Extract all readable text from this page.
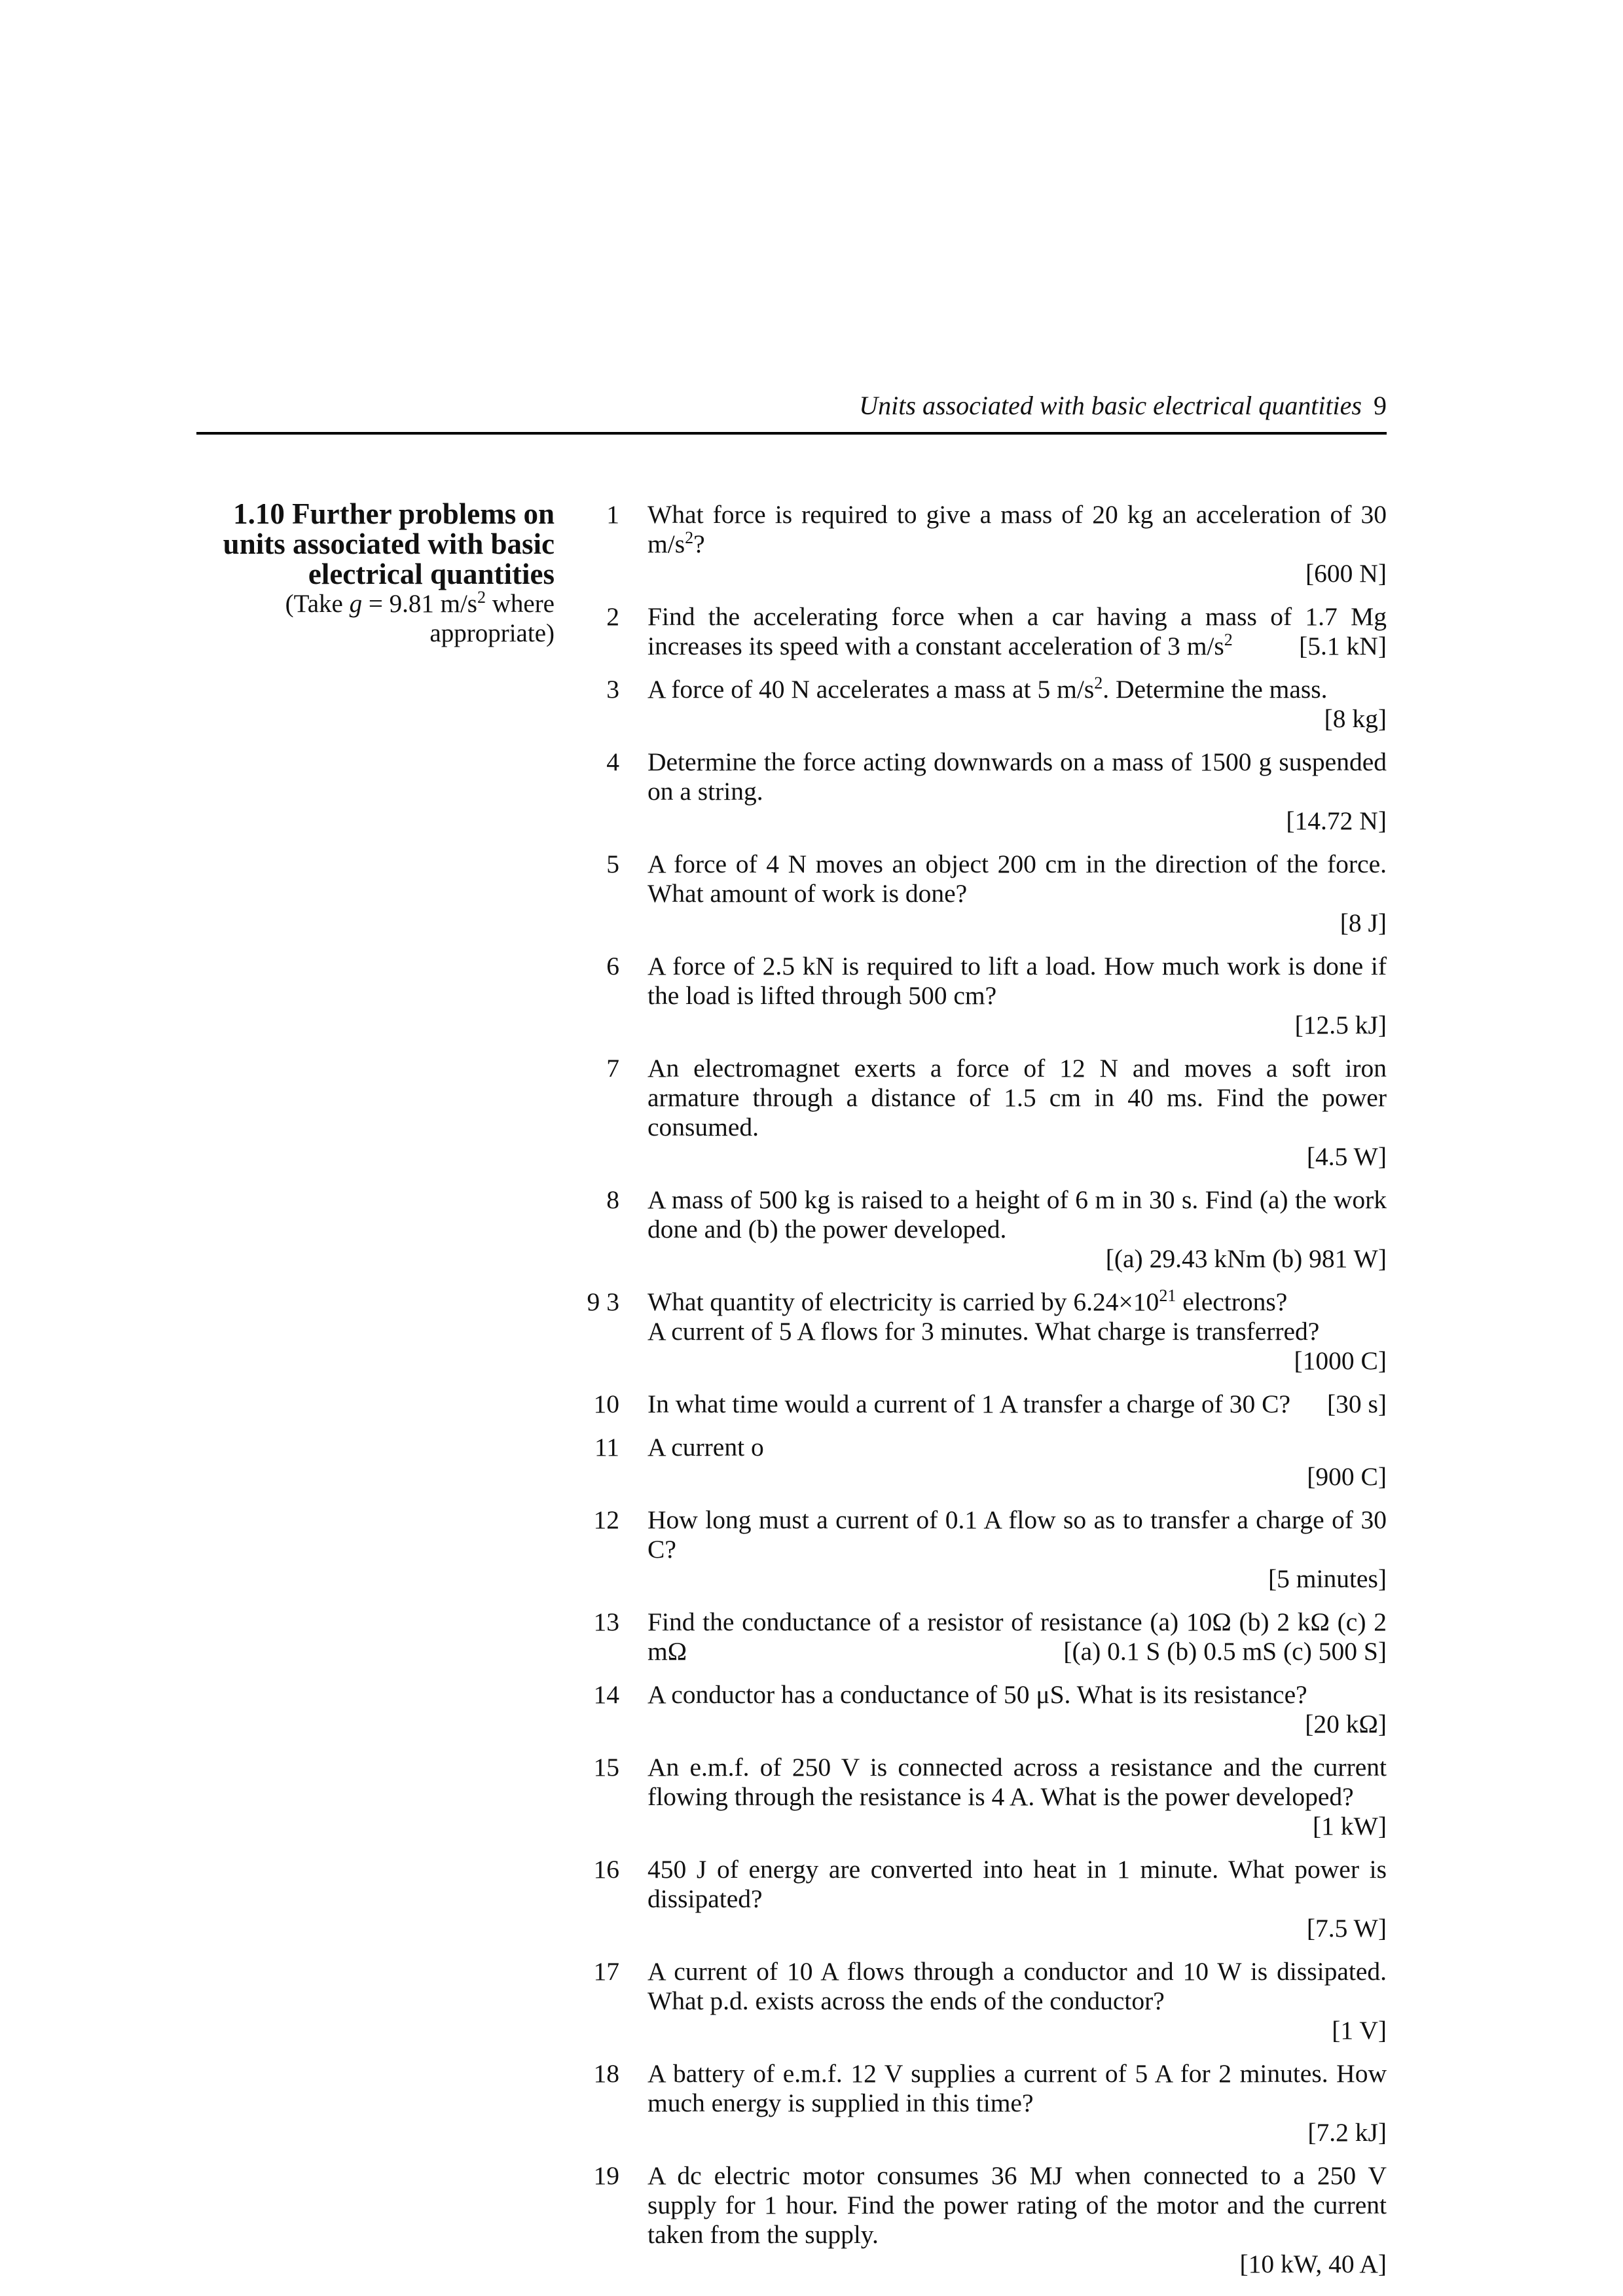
Units associated with basic electrical quantities 9
1.10 Further problems on units associated with basic electrical quantities
(Take g = 9.81 $m/s^2$ where appropriate)
1 What force is required to give a mass of 20 kg an acceleration of 30 $m/s^2$?
[600 N]
2 Find the accelerating force when a car having a mass of 1.7 Mg increases its speed with a constant acceleration of 3 $m/s^2$	[5.1 kN]
3 A force of 40 N accelerates a mass at 5 $m/s^2$. Determine the mass.
[8 kg]
4 Determine the force acting downwards on a mass of 1500 g suspended on a string.
[14.72 N]
5 A force of 4 N moves an object 200 cm in the direction of the force. What amount of work is done?
[8 J]
6 A force of 2.5 kN is required to lift a load. How much work is done if the load is lifted through 500 cm?
[12.5 kJ]
7 An electromagnet exerts a force of 12 N and moves a soft iron armature through a distance of 1.5 cm in 40 ms. Find the power consumed.
[4.5 W]
8 A mass of 500 kg is raised to a height of 6 m in 30 s. Find (a) the work done and (b) the power developed.
[(a) 29.43 kNm (b) 981 W]
9 3 What quantity of electricity is carried by $6.24\times 10^{21}$ electrons?
A current of 5 A flows for 3 minutes. What charge is transferred?
[1000 C]
10 In what time would a current of 1 A transfer a charge of 30 C? [30 s]
11 A current o
[900 C]
12 How long must a current of 0.1 A flow so as to transfer a charge of 30 C?
[5 minutes]
13 Find the conductance of a resistor of resistance (a) 10Ω (b) 2 kΩ (c) 2 mΩ	[(a) 0.1 S (b) 0.5 mS (c) 500 S]
14 A conductor has a conductance of 50 μS. What is its resistance?
[20 kΩ]
15 An e.m.f. of 250 V is connected across a resistance and the current flowing through the resistance is 4 A. What is the power developed?
[1 kW]
16 450 J of energy are converted into heat in 1 minute. What power is dissipated?
[7.5 W]
17 A current of 10 A flows through a conductor and 10 W is dissipated. What p.d. exists across the ends of the conductor?
[1 V]
18 A battery of e.m.f. 12 V supplies a current of 5 A for 2 minutes. How much energy is supplied in this time?
[7.2 kJ]
19 A dc electric motor consumes 36 MJ when connected to a 250 V supply for 1 hour. Find the power rating of the motor and the current taken from the supply.
[10 kW, 40 A]
